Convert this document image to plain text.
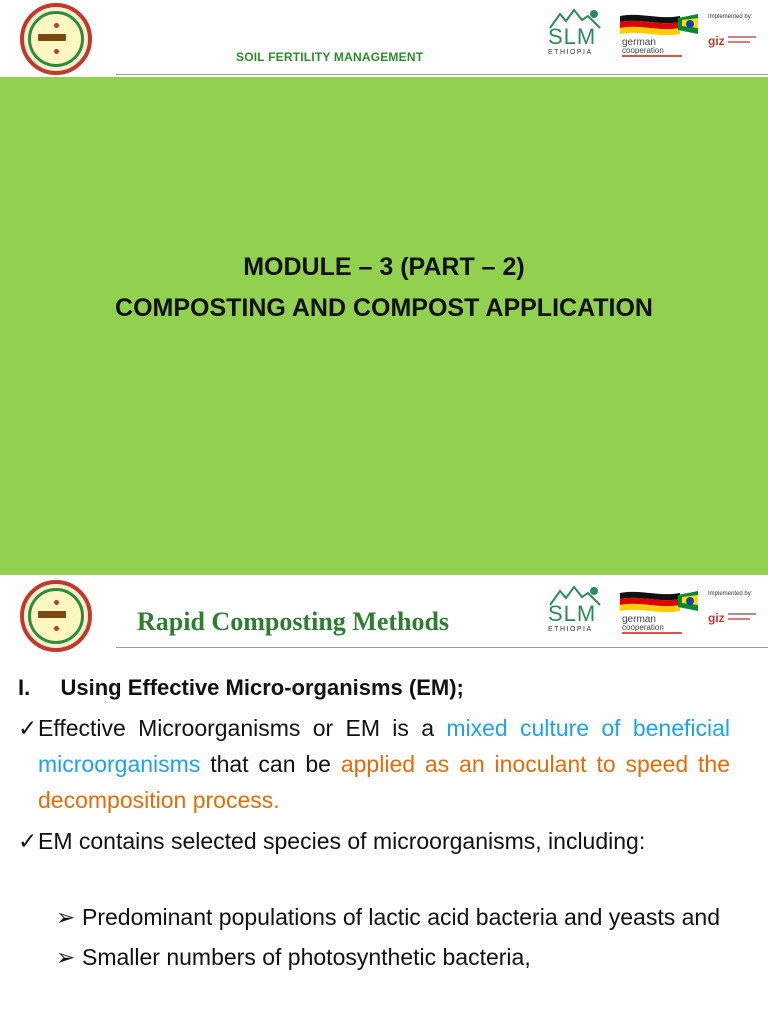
SOIL FERTILITY MANAGEMENT
SLM
ETHIOPIA
german
cooperation
Implemented by:
giz
MODULE – 3 (PART – 2)
COMPOSTING AND COMPOST APPLICATION
Rapid Composting Methods	SLM
ETHIOPIA
german
cooperation
Implemented by:
giz
I. Using Effective Micro-organisms (EM);
✓ Effective Microorganisms or EM is a mixed culture of beneficial microorganisms that can be applied as an inoculant to speed the decomposition process.
✓ EM contains selected species of microorganisms, including:
➢ Predominant populations of lactic acid bacteria and yeasts and
➢ Smaller numbers of photosynthetic bacteria,
